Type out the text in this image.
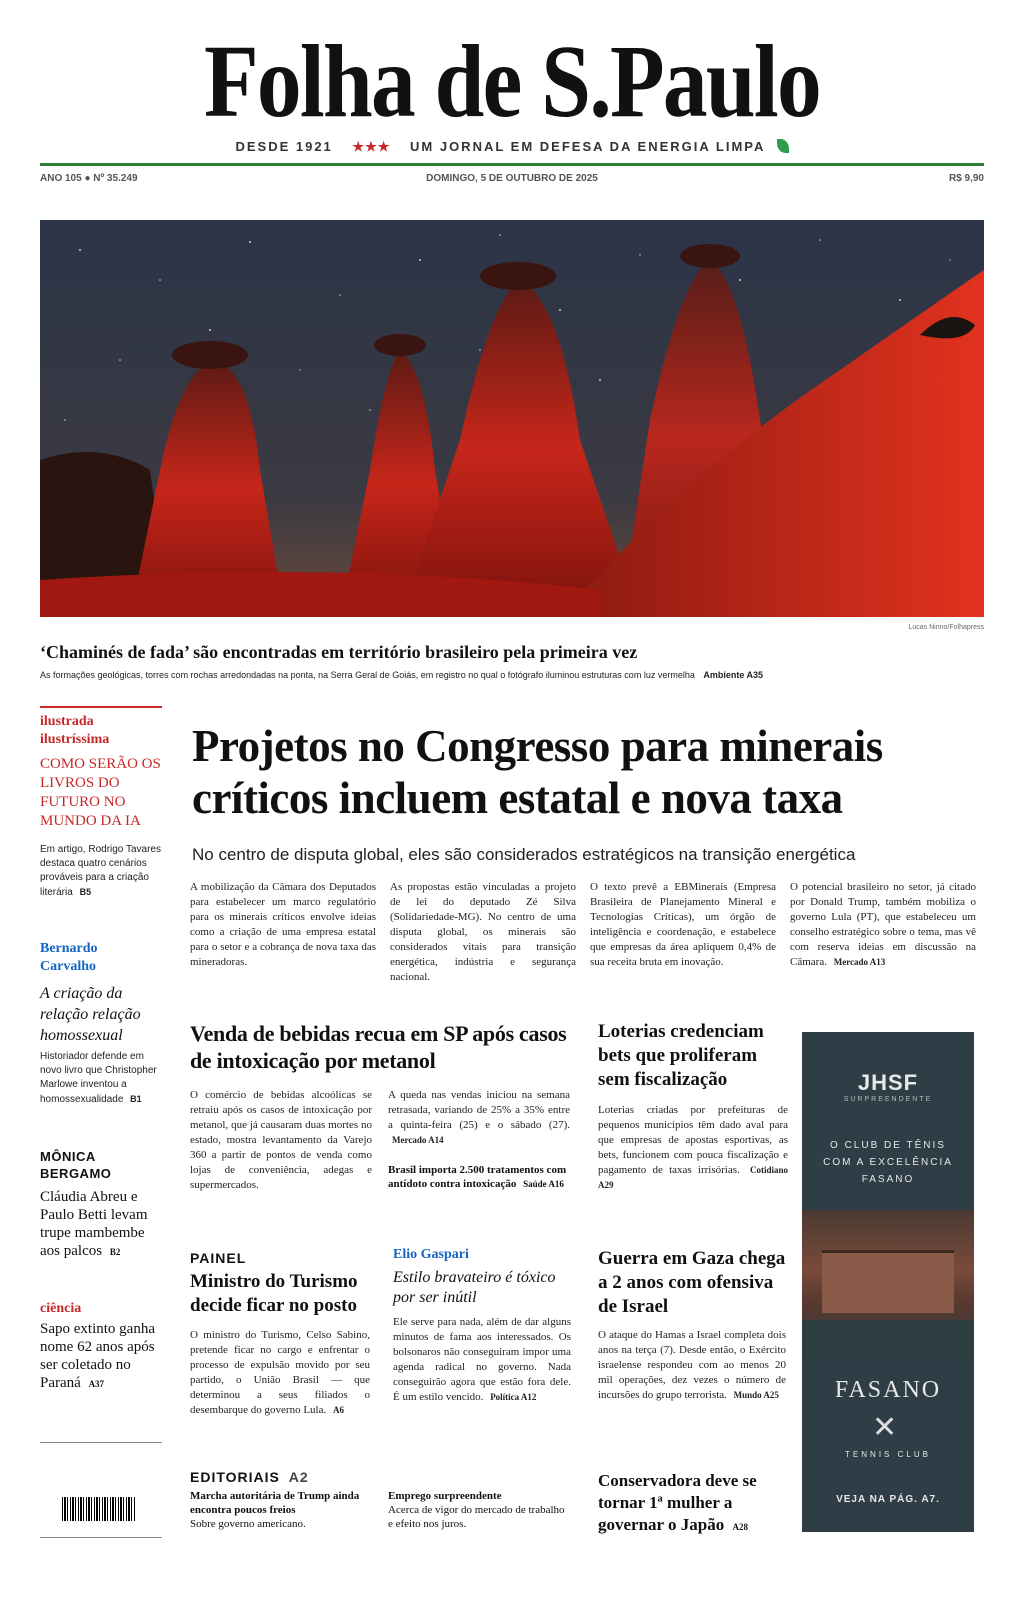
Folha de S.Paulo
DESDE 1921 ★★★ UM JORNAL EM DEFESA DA ENERGIA LIMPA
ANO 105 ● Nº 35.249	DOMINGO, 5 DE OUTUBRO DE 2025	R$ 9,90
Lucas Ninno/Folhapress
‘Chaminés de fada’ são encontradas em território brasileiro pela primeira vez
As formações geológicas, torres com rochas arredondadas na ponta, na Serra Geral de Goiás, em registro no qual o fotógrafo iluminou estruturas com luz vermelha Ambiente A35
ilustrada
ilustríssima
COMO SERÃO OS LIVROS DO FUTURO NO MUNDO DA IA
Em artigo, Rodrigo Tavares destaca quatro cenários prováveis para a criação literária B5
Bernardo Carvalho
A criação da relação relação homossexual
Historiador defende em novo livro que Christopher Marlowe inventou a homossexualidade B1
MÔNICA BERGAMO
Cláudia Abreu e Paulo Betti levam trupe mambembe aos palcos B2
ciência
Sapo extinto ganha nome 62 anos após ser coletado no Paraná A37
Projetos no Congresso para minerais críticos incluem estatal e nova taxa
No centro de disputa global, eles são considerados estratégicos na transição energética
A mobilização da Câmara dos Deputados para estabelecer um marco regulatório para os minerais críticos envolve ideias como a criação de uma empresa estatal para o setor e a cobrança de nova taxa das mineradoras.
As propostas estão vinculadas a projeto de lei do deputado Zé Silva (Solidariedade-MG). No centro de uma disputa global, os minerais são considerados vitais para transição energética, indústria e segurança nacional.
O texto prevê a EBMinerais (Empresa Brasileira de Planejamento Mineral e Tecnologias Críticas), um órgão de inteligência e coordenação, e estabelece que empresas da área apliquem 0,4% de sua receita bruta em inovação.
O potencial brasileiro no setor, já citado por Donald Trump, também mobiliza o governo Lula (PT), que estabeleceu um conselho estratégico sobre o tema, mas vê com reserva ideias em discussão na Câmara. Mercado A13
Venda de bebidas recua em SP após casos de intoxicação por metanol
O comércio de bebidas alcoólicas se retraiu após os casos de intoxicação por metanol, que já causaram duas mortes no estado, mostra levantamento da Varejo 360 a partir de pontos de venda como lojas de conveniência, adegas e supermercados.
A queda nas vendas iniciou na semana retrasada, variando de 25% a 35% entre a quinta-feira (25) e o sábado (27). Mercado A14
Brasil importa 2.500 tratamentos com antídoto contra intoxicação Saúde A16
Loterias credenciam bets que proliferam sem fiscalização
Loterias criadas por prefeituras de pequenos municípios têm dado aval para que empresas de apostas esportivas, as bets, funcionem com pouca fiscalização e pagamento de taxas irrisórias. Cotidiano A29
PAINEL
Ministro do Turismo decide ficar no posto
O ministro do Turismo, Celso Sabino, pretende ficar no cargo e enfrentar o processo de expulsão movido por seu partido, o União Brasil — que determinou a seus filiados o desembarque do governo Lula. A6
Elio Gaspari
Estilo bravateiro é tóxico por ser inútil
Ele serve para nada, além de dar alguns minutos de fama aos interessados. Os bolsonaros não conseguiram impor uma agenda radical no governo. Nada conseguirão agora que estão fora dele. É um estilo vencido. Política A12
Guerra em Gaza chega a 2 anos com ofensiva de Israel
O ataque do Hamas a Israel completa dois anos na terça (7). Desde então, o Exército israelense respondeu com ao menos 20 mil operações, dez vezes o número de incursões do grupo terrorista. Mundo A25
EDITORIAIS A2
Marcha autoritária de Trump ainda encontra poucos freios
Sobre governo americano.
Emprego surpreendente
Acerca de vigor do mercado de trabalho e efeito nos juros.
Conservadora deve se tornar 1ª mulher a governar o Japão A28
JHSF
SURPREENDENTE
O CLUB DE TÊNIS COM A EXCELÊNCIA FASANO
FASANO
✕
TENNIS CLUB
VEJA NA PÁG. A7.
